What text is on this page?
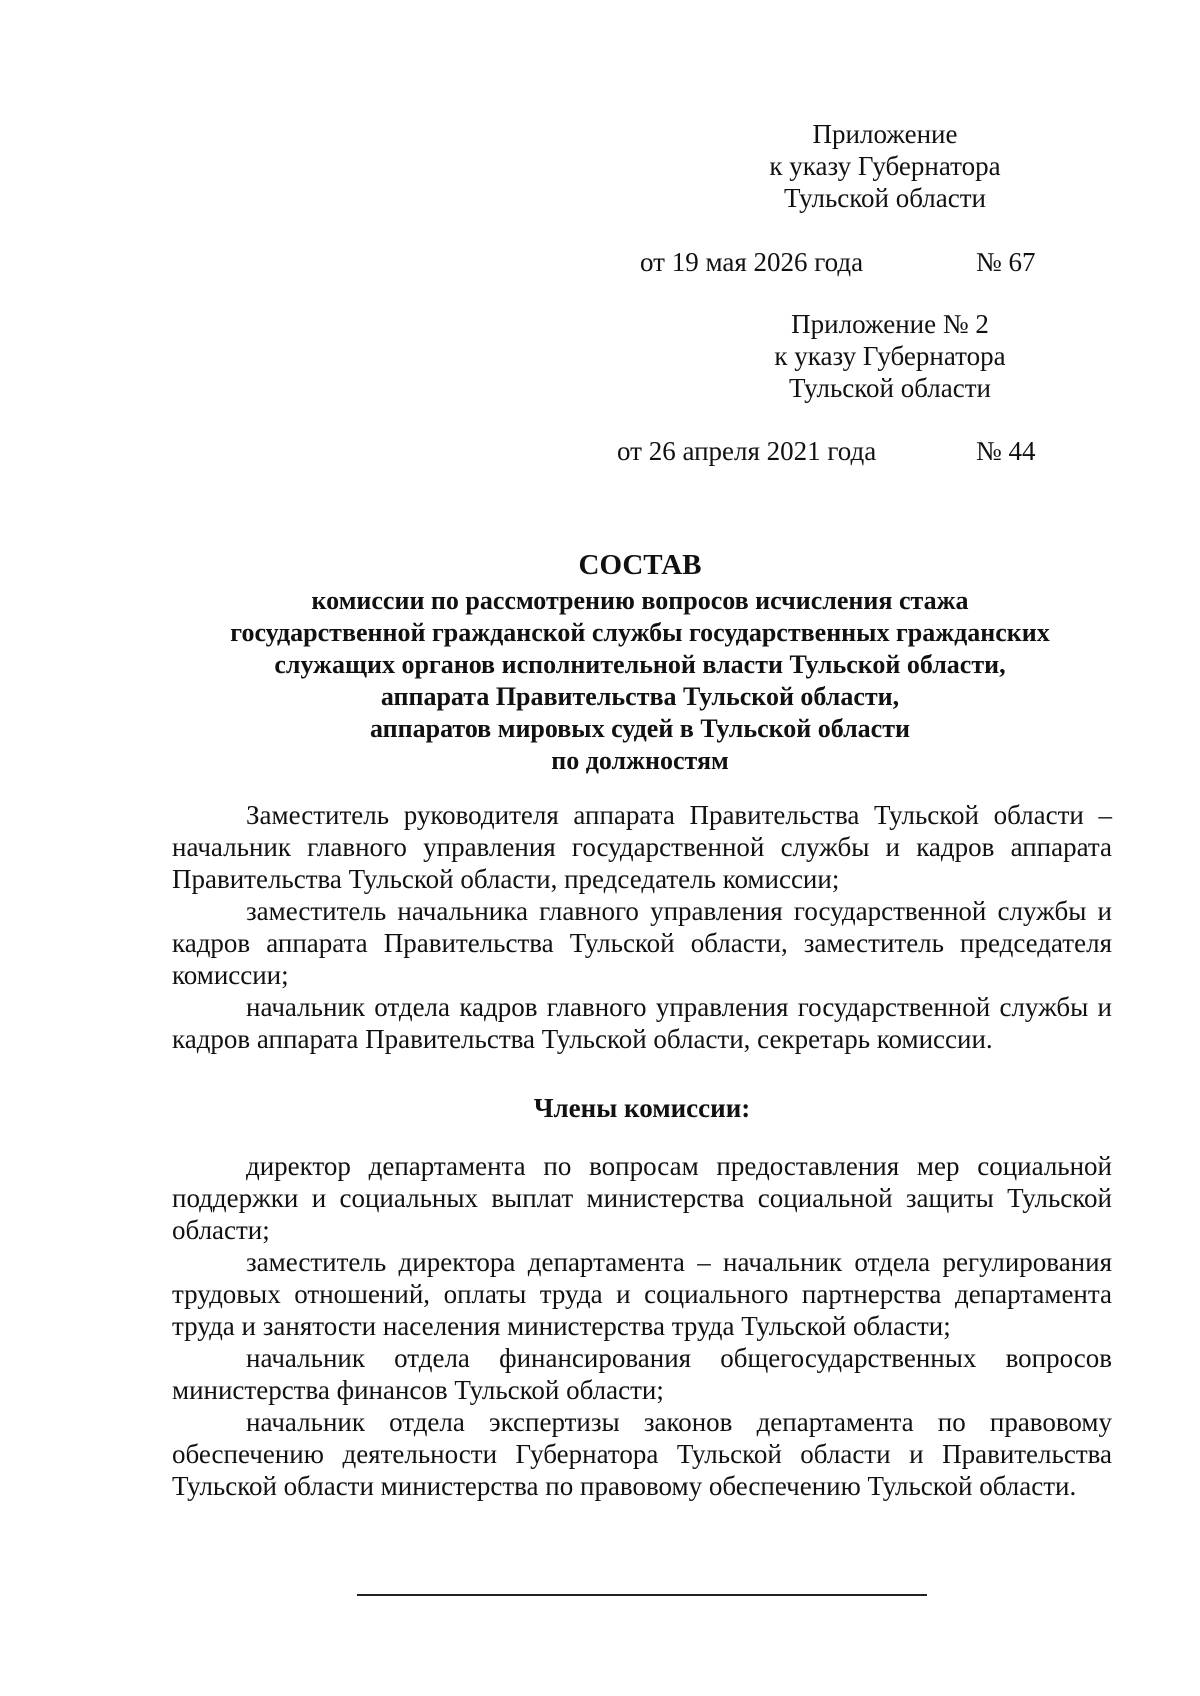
Приложение
к указу Губернатора
Тульской области
от 19 мая 2026 года	№ 67
Приложение № 2
к указу Губернатора
Тульской области
от 26 апреля 2021 года	№ 44
СОСТАВ
комиссии по рассмотрению вопросов исчисления стажа
государственной гражданской службы государственных гражданских
служащих органов исполнительной власти Тульской области,
аппарата Правительства Тульской области,
аппаратов мировых судей в Тульской области
по должностям

Заместитель руководителя аппарата Правительства Тульской области – начальник главного управления государственной службы и кадров аппарата Правительства Тульской области, председатель комиссии;

заместитель начальника главного управления государственной службы и кадров аппарата Правительства Тульской области, заместитель председателя комиссии;

начальник отдела кадров главного управления государственной службы и кадров аппарата Правительства Тульской области, секретарь комиссии.

Члены комиссии:

директор департамента по вопросам предоставления мер социальной поддержки и социальных выплат министерства социальной защиты Тульской области;

заместитель директора департамента – начальник отдела регулирования трудовых отношений, оплаты труда и социального партнерства департамента труда и занятости населения министерства труда Тульской области;

начальник отдела финансирования общегосударственных вопросов министерства финансов Тульской области;

начальник отдела экспертизы законов департамента по правовому обеспечению деятельности Губернатора Тульской области и Правительства Тульской области министерства по правовому обеспечению Тульской области.
